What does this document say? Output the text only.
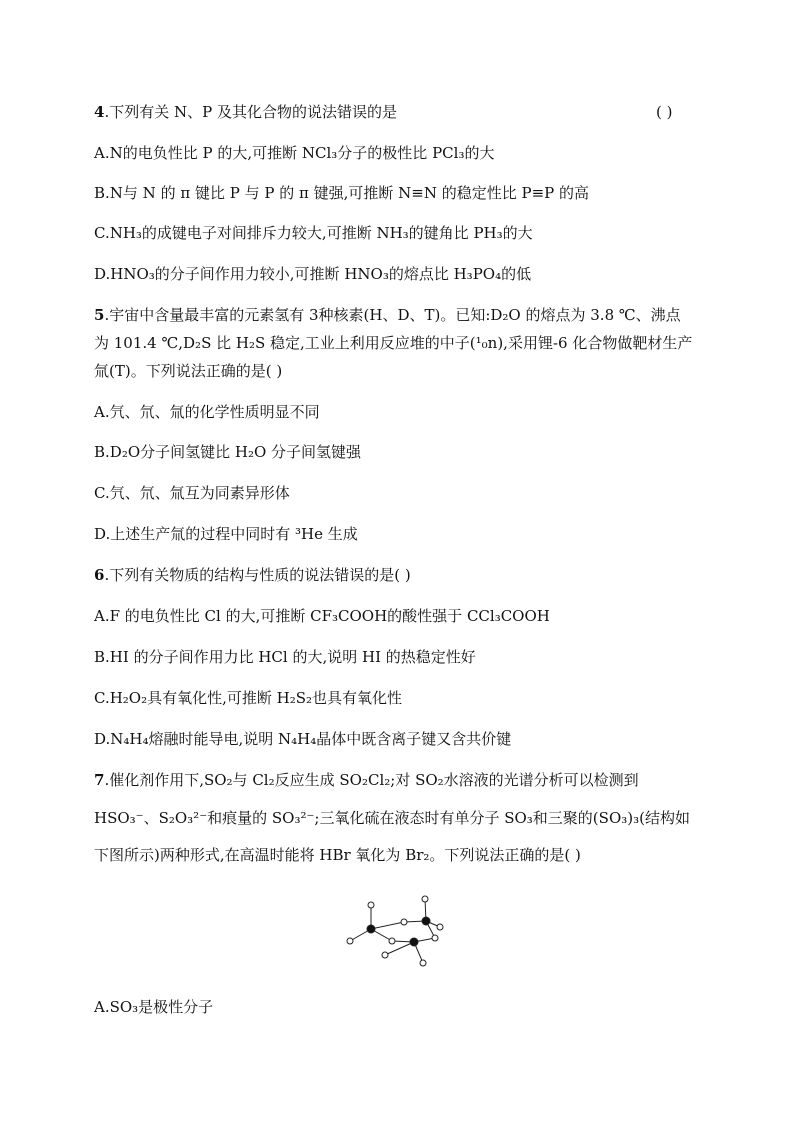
4.下列有关 N、P 及其化合物的说法错误的是	( )
A.N的电负性比 P 的大,可推断 NCl₃分子的极性比 PCl₃的大
B.N与 N 的 π 键比 P 与 P 的 π 键强,可推断 N≡N 的稳定性比 P≡P 的高
C.NH₃的成键电子对间排斥力较大,可推断 NH₃的键角比 PH₃的大
D.HNO₃的分子间作用力较小,可推断 HNO₃的熔点比 H₃PO₄的低
5.宇宙中含量最丰富的元素氢有 3种核素(H、D、T)。已知:D₂O 的熔点为 3.8 ℃、沸点
为 101.4 ℃,D₂S 比 H₂S 稳定,工业上利用反应堆的中子(¹₀n),采用锂-6 化合物做靶材生产
氚(T)。下列说法正确的是( )
A.氕、氘、氚的化学性质明显不同
B.D₂O分子间氢键比 H₂O 分子间氢键强
C.氕、氘、氚互为同素异形体
D.上述生产氚的过程中同时有 ³He 生成
6.下列有关物质的结构与性质的说法错误的是( )
A.F 的电负性比 Cl 的大,可推断 CF₃COOH的酸性强于 CCl₃COOH
B.HI 的分子间作用力比 HCl 的大,说明 HI 的热稳定性好
C.H₂O₂具有氧化性,可推断 H₂S₂也具有氧化性
D.N₄H₄熔融时能导电,说明 N₄H₄晶体中既含离子键又含共价键
7.催化剂作用下,SO₂与 Cl₂反应生成 SO₂Cl₂;对 SO₂水溶液的光谱分析可以检测到
HSO₃⁻、S₂O₃²⁻和痕量的 SO₃²⁻;三氧化硫在液态时有单分子 SO₃和三聚的(SO₃)₃(结构如
下图所示)两种形式,在高温时能将 HBr 氧化为 Br₂。下列说法正确的是( )
A.SO₃是极性分子
